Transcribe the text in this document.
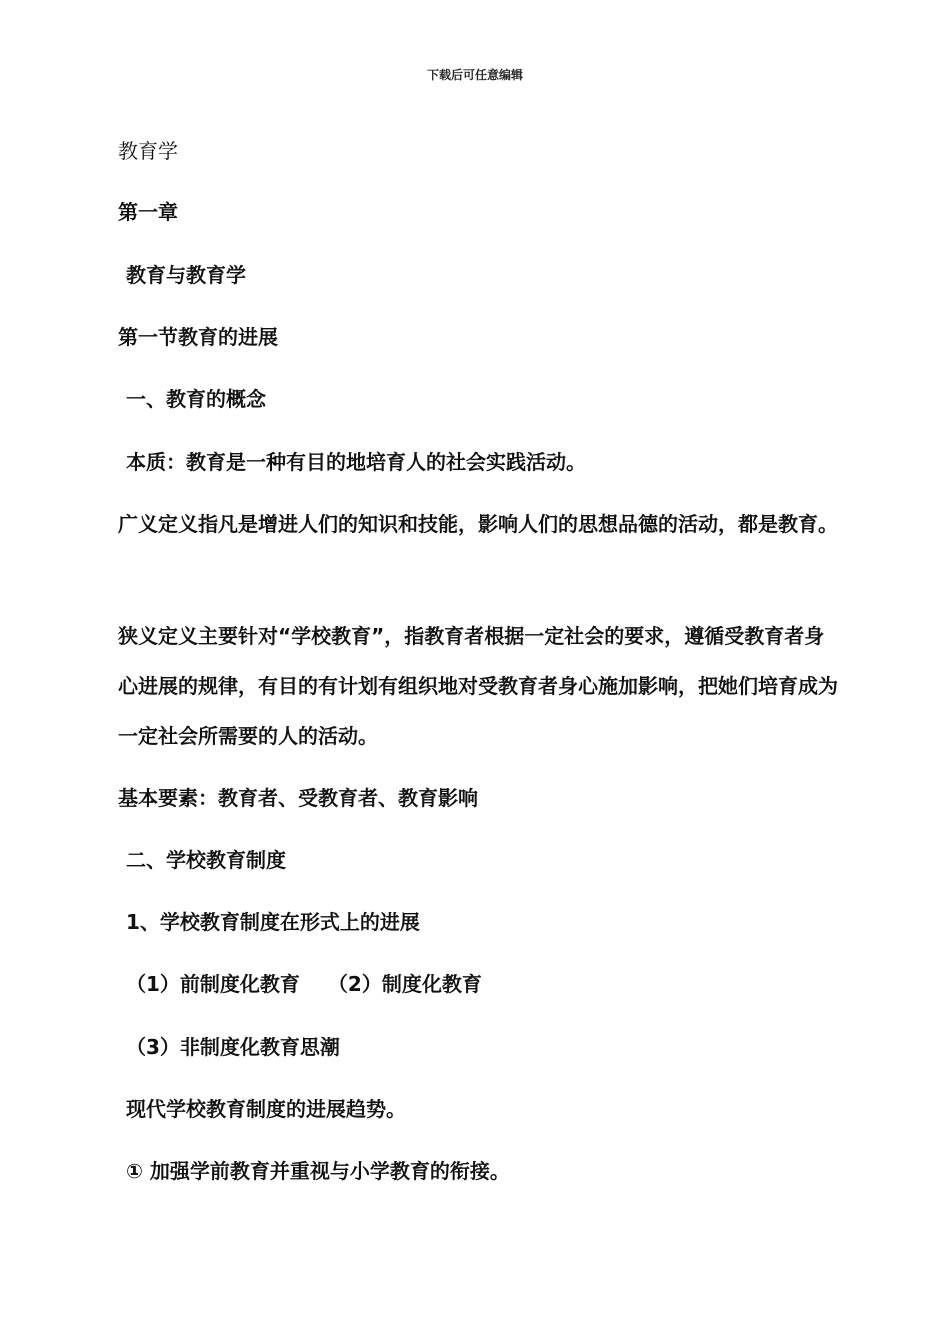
下载后可任意编辑
教育学
第一章
教育与教育学
第一节教育的进展
一、教育的概念
本质：教育是一种有目的地培育人的社会实践活动。
广义定义指凡是增进人们的知识和技能，影响人们的思想品德的活动，都是教育。
狭义定义主要针对“学校教育”，指教育者根据一定社会的要求，遵循受教育者身心进展的规律，有目的有计划有组织地对受教育者身心施加影响，把她们培育成为一定社会所需要的人的活动。
基本要素：教育者、受教育者、教育影响
二、学校教育制度
1、学校教育制度在形式上的进展
（1）前制度化教育 （2）制度化教育
（3）非制度化教育思潮
现代学校教育制度的进展趋势。
① 加强学前教育并重视与小学教育的衔接。
